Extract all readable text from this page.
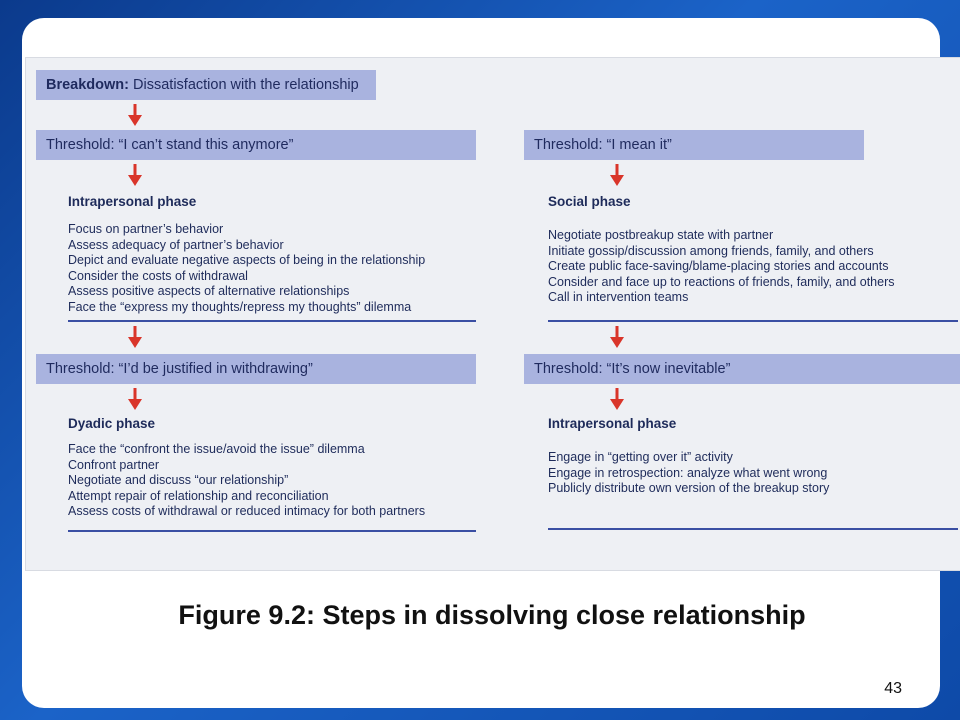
Breakdown: Dissatisfaction with the relationship
Threshold: “I can’t stand this anymore”
Intrapersonal phase
Focus on partner’s behavior
Assess adequacy of partner’s behavior
Depict and evaluate negative aspects of being in the relationship
Consider the costs of withdrawal
Assess positive aspects of alternative relationships
Face the “express my thoughts/repress my thoughts” dilemma
Threshold: “I’d be justified in withdrawing”
Dyadic phase
Face the “confront the issue/avoid the issue” dilemma
Confront partner
Negotiate and discuss “our relationship”
Attempt repair of relationship and reconciliation
Assess costs of withdrawal or reduced intimacy for both partners
Threshold: “I mean it”
Social phase
Negotiate postbreakup state with partner
Initiate gossip/discussion among friends, family, and others
Create public face-saving/blame-placing stories and accounts
Consider and face up to reactions of friends, family, and others
Call in intervention teams
Threshold: “It’s now inevitable”
Intrapersonal phase
Engage in “getting over it” activity
Engage in retrospection: analyze what went wrong
Publicly distribute own version of the breakup story
Figure 9.2: Steps in dissolving close relationship
43
